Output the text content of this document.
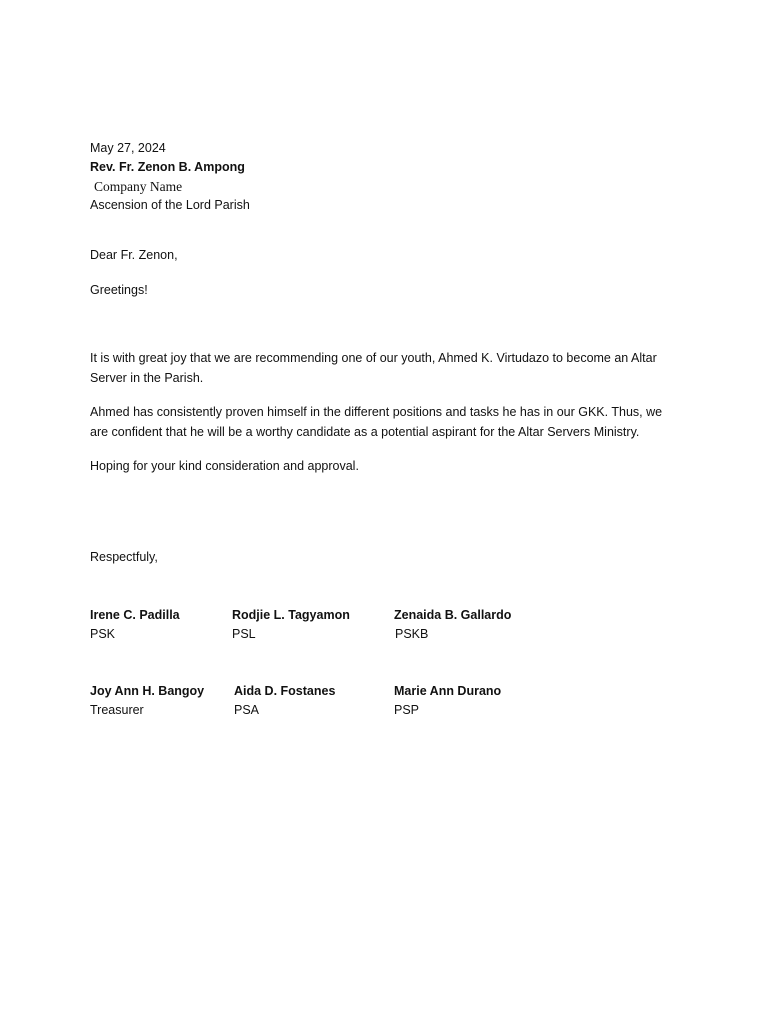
May 27, 2024
Rev. Fr. Zenon B. Ampong
Company Name
Ascension of the Lord Parish
Dear Fr. Zenon,
Greetings!
It is with great joy that we are recommending one of our youth, Ahmed K. Virtudazo to become an Altar Server in the Parish.
Ahmed has consistently proven himself in the different positions and tasks he has in our GKK. Thus, we are confident that he will be a worthy candidate as a potential aspirant for the Altar Servers Ministry.
Hoping for your kind consideration and approval.
Respectfuly,
Irene C. Padilla
PSK
Rodjie L. Tagyamon
PSL
Zenaida B. Gallardo
PSKB
Joy Ann H. Bangoy
Treasurer
Aida D. Fostanes
PSA
Marie Ann Durano
PSP
